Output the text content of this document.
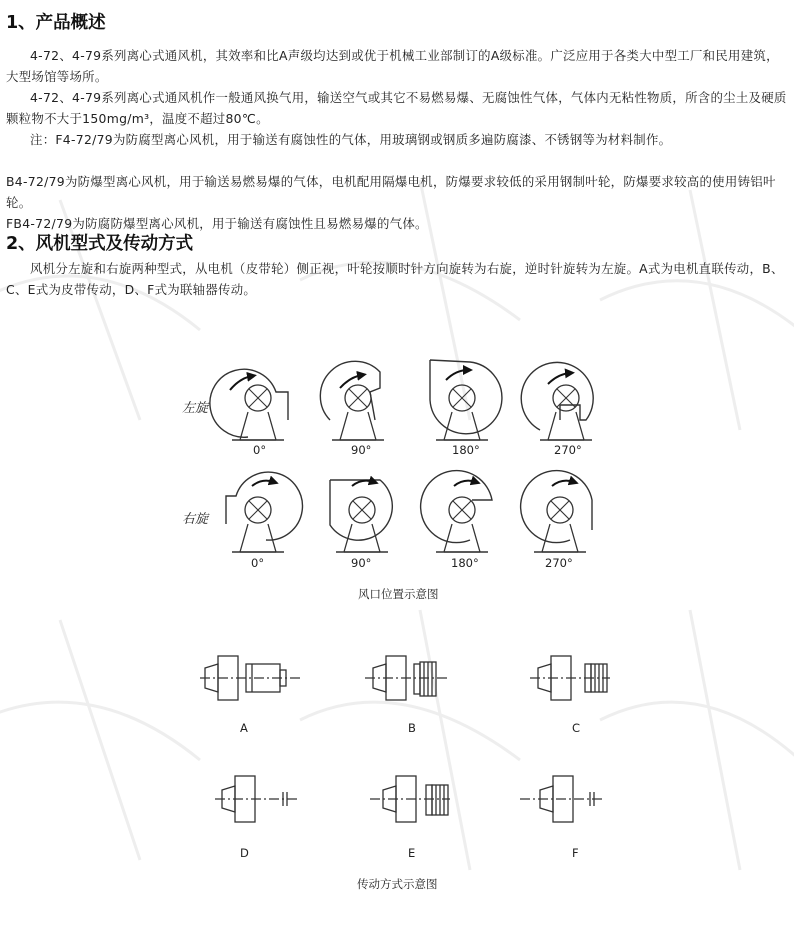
1、产品概述

4-72、4-79系列离心式通风机，其效率和比A声级均达到或优于机械工业部制订的A级标准。广泛应用于各类大中型工厂和民用建筑，大型场馆等场所。

4-72、4-79系列离心式通风机作一般通风换气用，输送空气或其它不易燃易爆、无腐蚀性气体，气体内无粘性物质，所含的尘土及硬质颗粒物不大于150mg/m³，温度不超过80℃。

注：F4-72/79为防腐型离心风机，用于输送有腐蚀性的气体，用玻璃钢或钢质多遍防腐漆、不锈钢等为材料制作。

B4-72/79为防爆型离心风机，用于输送易燃易爆的气体，电机配用隔爆电机，防爆要求较低的采用钢制叶轮，防爆要求较高的使用铸铝叶轮。

FB4-72/79为防腐防爆型离心风机，用于输送有腐蚀性且易燃易爆的气体。

2、风机型式及传动方式

风机分左旋和右旋两种型式，从电机（皮带轮）侧正视，叶轮按顺时针方向旋转为右旋，逆时针旋转为左旋。A式为电机直联传动，B、C、E式为皮带传动，D、F式为联轴器传动。

左旋
右旋
0°	90°	180°	270°
0°	90°	180°	270°
风口位置示意图
A	B	C
D	E	F
传动方式示意图
